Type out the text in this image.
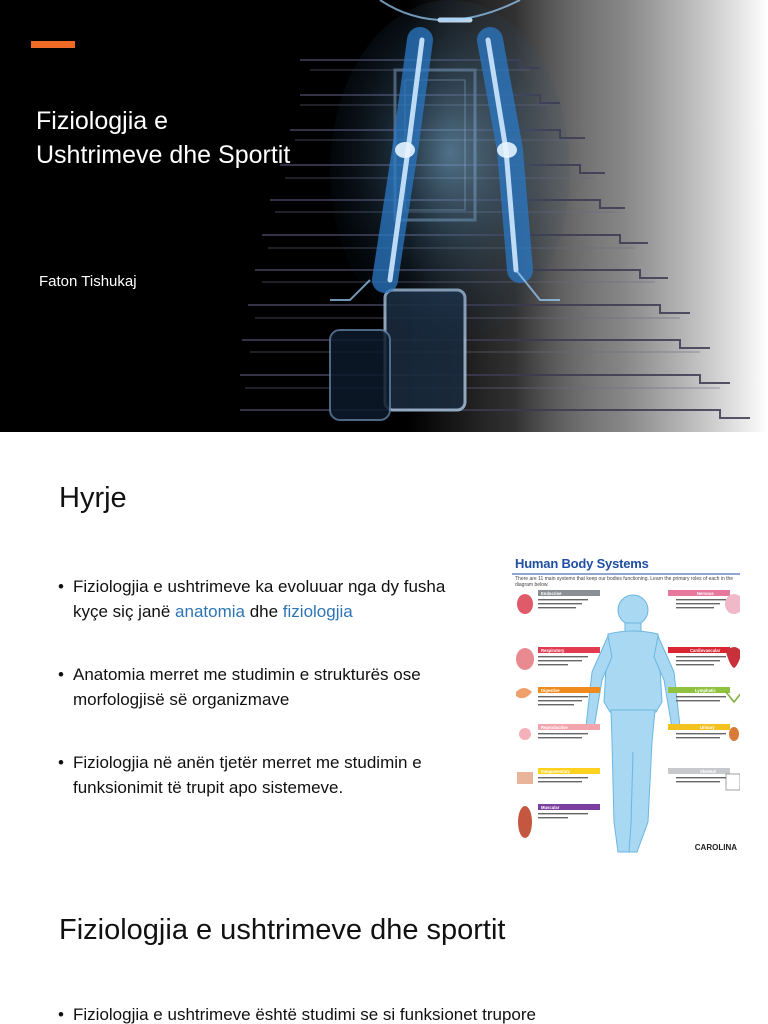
Fiziologjia e Ushtrimeve dhe Sportit
Faton Tishukaj
Hyrje
• Fiziologjia e ushtrimeve ka evoluuar nga dy fusha kyçe siç janë anatomia dhe fiziologjia
• Anatomia merret me studimin e strukturës ose morfologjisë së organizmave
• Fiziologjia në anën tjetër merret me studimin e funksionimit të trupit apo sistemeve.
Human Body Systems
There are 11 main systems that keep our bodies functioning. Learn the primary roles of each in the diagram below.
Endocrine
Respiratory
Digestive
Reproductive
Integumentary
Muscular
Nervous
Cardiovascular
Lymphatic
Urinary
Skeletal
CAROLINA
Fiziologjia e ushtrimeve dhe sportit
• Fiziologjia e ushtrimeve është studimi se si funksionet trupore
